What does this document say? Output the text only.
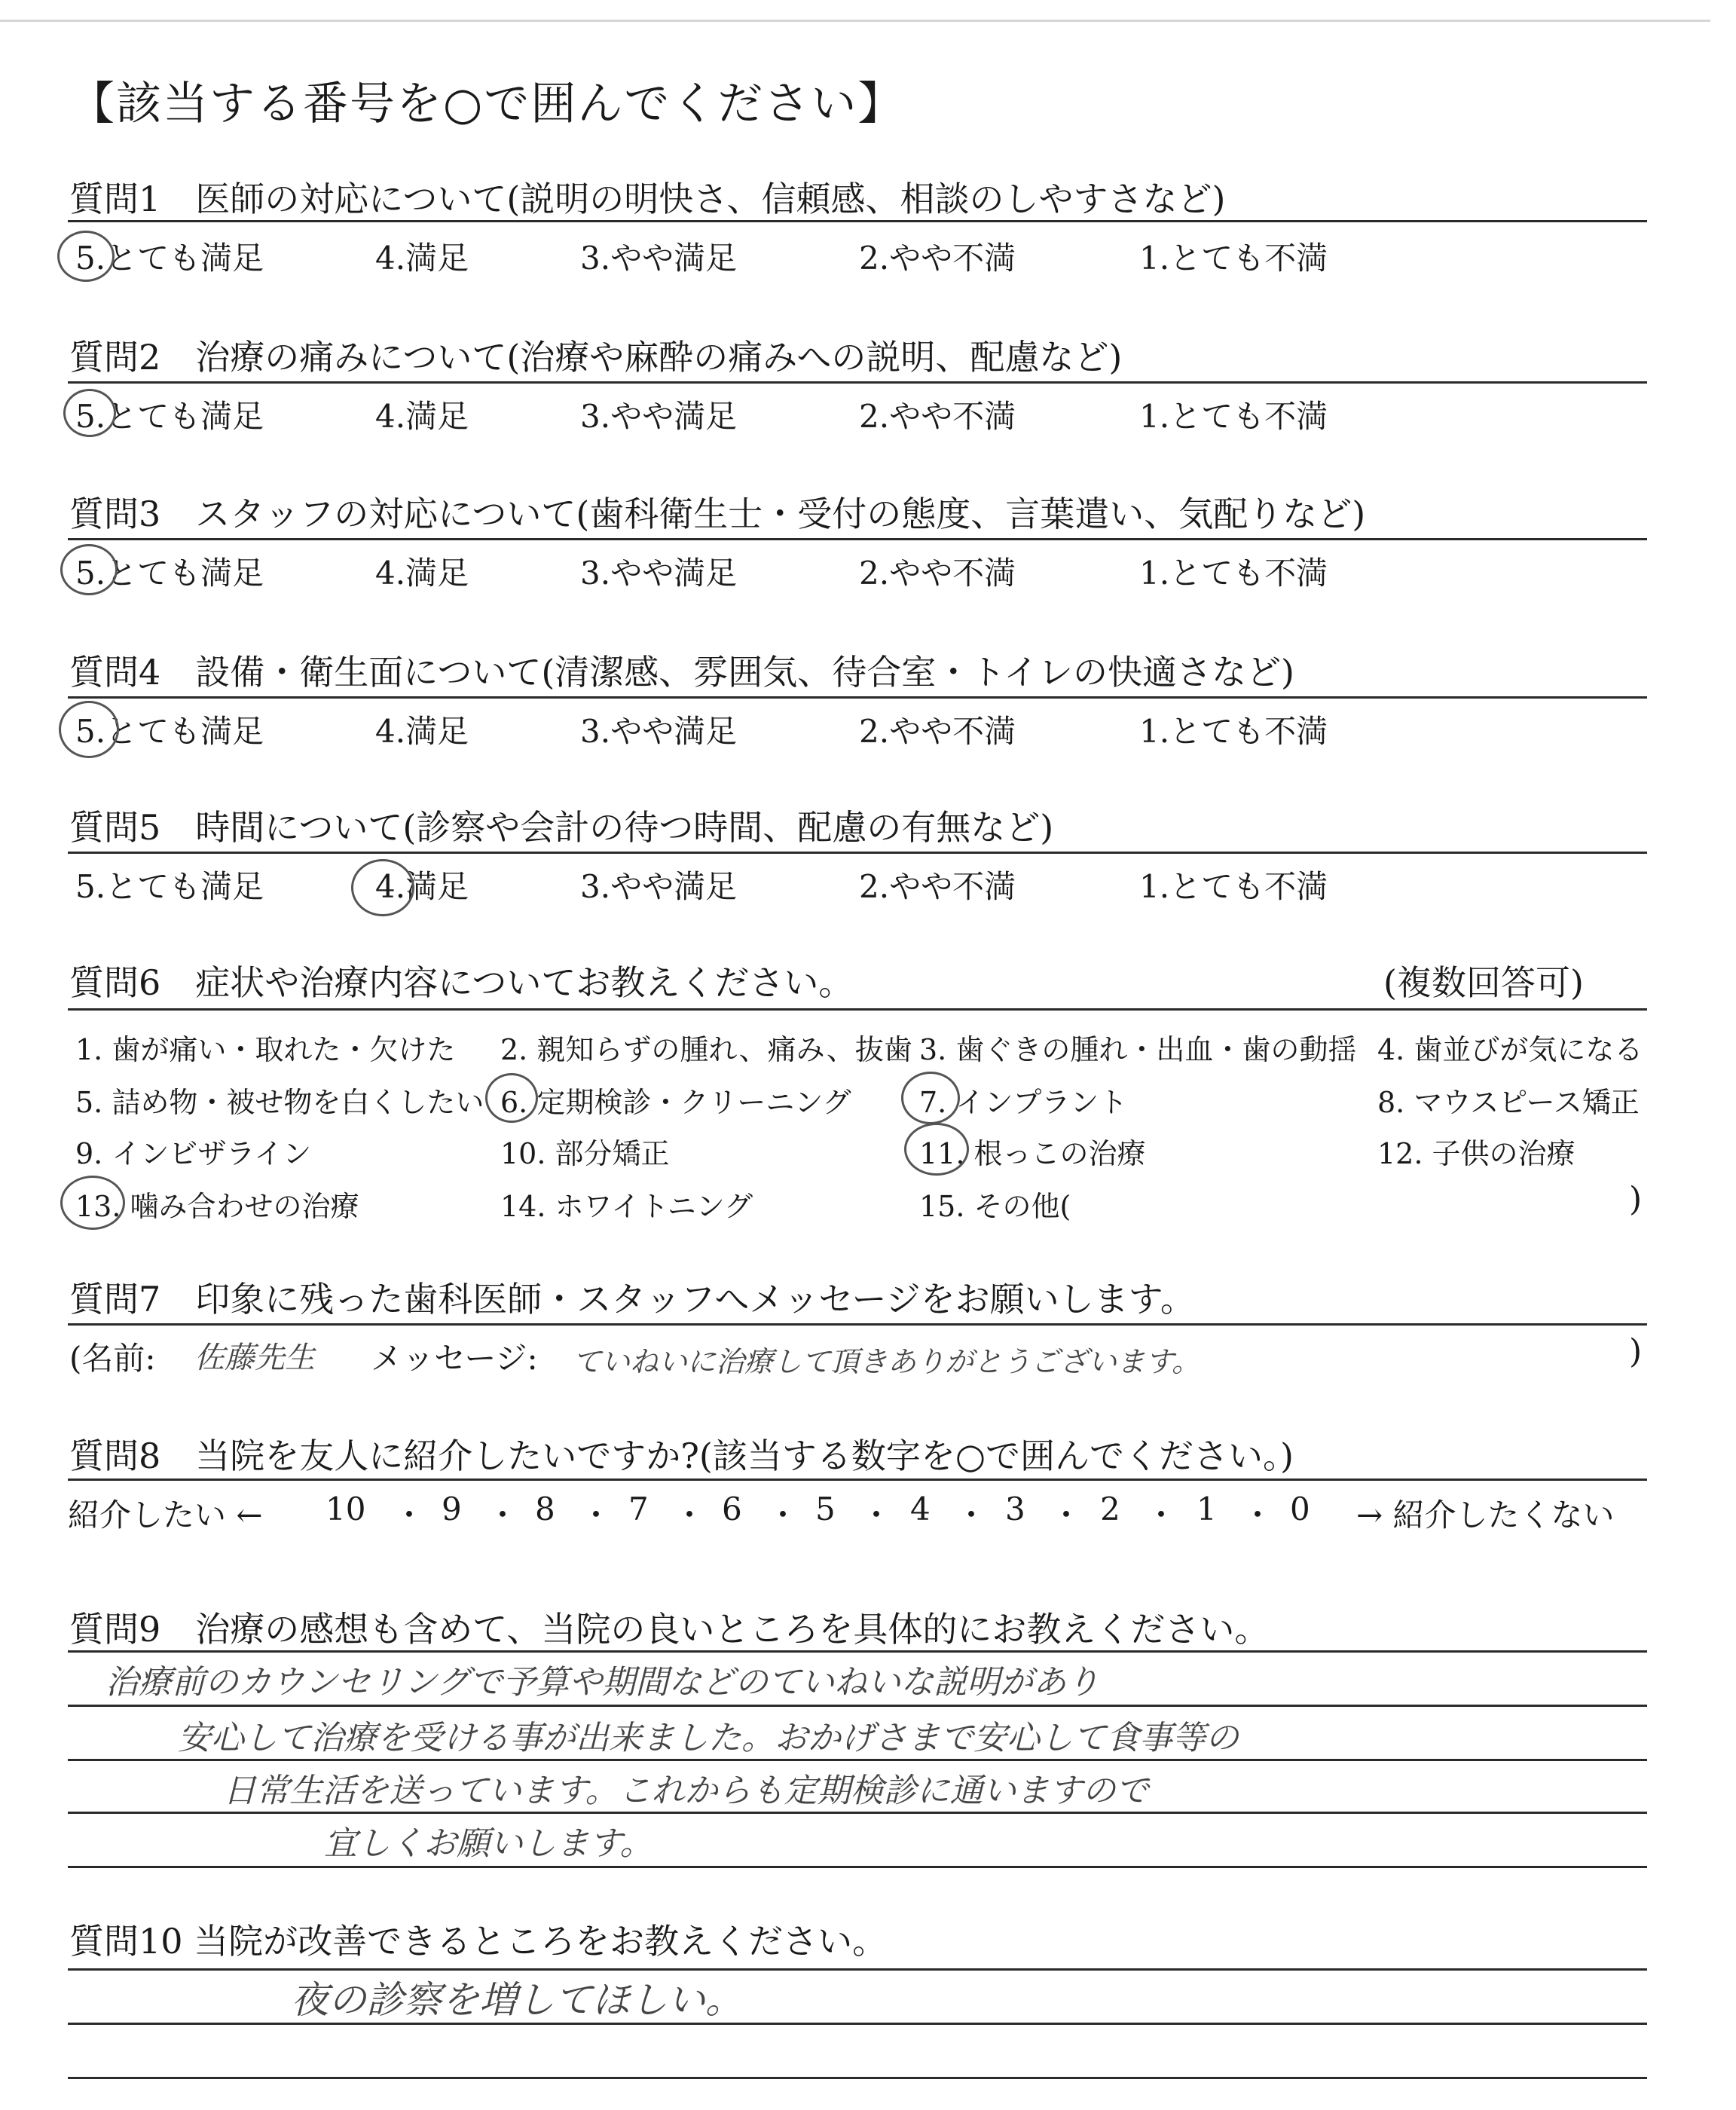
【該当する番号を○で囲んでください】
質問1　医師の対応について(説明の明快さ、信頼感、相談のしやすさなど)
5.とても満足	4.満足	3.やや満足	2.やや不満	1.とても不満
質問2　治療の痛みについて(治療や麻酔の痛みへの説明、配慮など)
5.とても満足	4.満足	3.やや満足	2.やや不満	1.とても不満
質問3　スタッフの対応について(歯科衛生士・受付の態度、言葉遣い、気配りなど)
5.とても満足	4.満足	3.やや満足	2.やや不満	1.とても不満
質問4　設備・衛生面について(清潔感、雰囲気、待合室・トイレの快適さなど)
5.とても満足	4.満足	3.やや満足	2.やや不満	1.とても不満
質問5　時間について(診察や会計の待つ時間、配慮の有無など)
5.とても満足	4.満足	3.やや満足	2.やや不満	1.とても不満
質問6　症状や治療内容についてお教えください。	(複数回答可)
1. 歯が痛い・取れた・欠けた 2. 親知らずの腫れ、痛み、抜歯 3. 歯ぐきの腫れ・出血・歯の動揺 4. 歯並びが気になる
5. 詰め物・被せ物を白くしたい 6. 定期検診・クリーニング 7. インプラント	8. マウスピース矯正
9. インビザライン	10. 部分矯正	11. 根っこの治療	12. 子供の治療
13. 噛み合わせの治療	14. ホワイトニング	15. その他(	)
質問7　印象に残った歯科医師・スタッフへメッセージをお願いします。
(名前: 佐藤先生 メッセージ: ていねいに治療して頂きありがとうございます。	)
質問8　当院を友人に紹介したいですか?(該当する数字を○で囲んでください。)
紹介したい ← 10 ・ 9 ・ 8 ・ 7 ・ 6 ・ 5 ・ 4 ・ 3 ・ 2 ・ 1 ・ 0 → 紹介したくない
質問9　治療の感想も含めて、当院の良いところを具体的にお教えください。
治療前のカウンセリングで予算や期間などのていねいな説明があり
安心して治療を受ける事が出来ました。おかげさまで安心して食事等の
日常生活を送っています。これからも定期検診に通いますので
宜しくお願いします。
質問10 当院が改善できるところをお教えください。
夜の診察を増してほしい。
